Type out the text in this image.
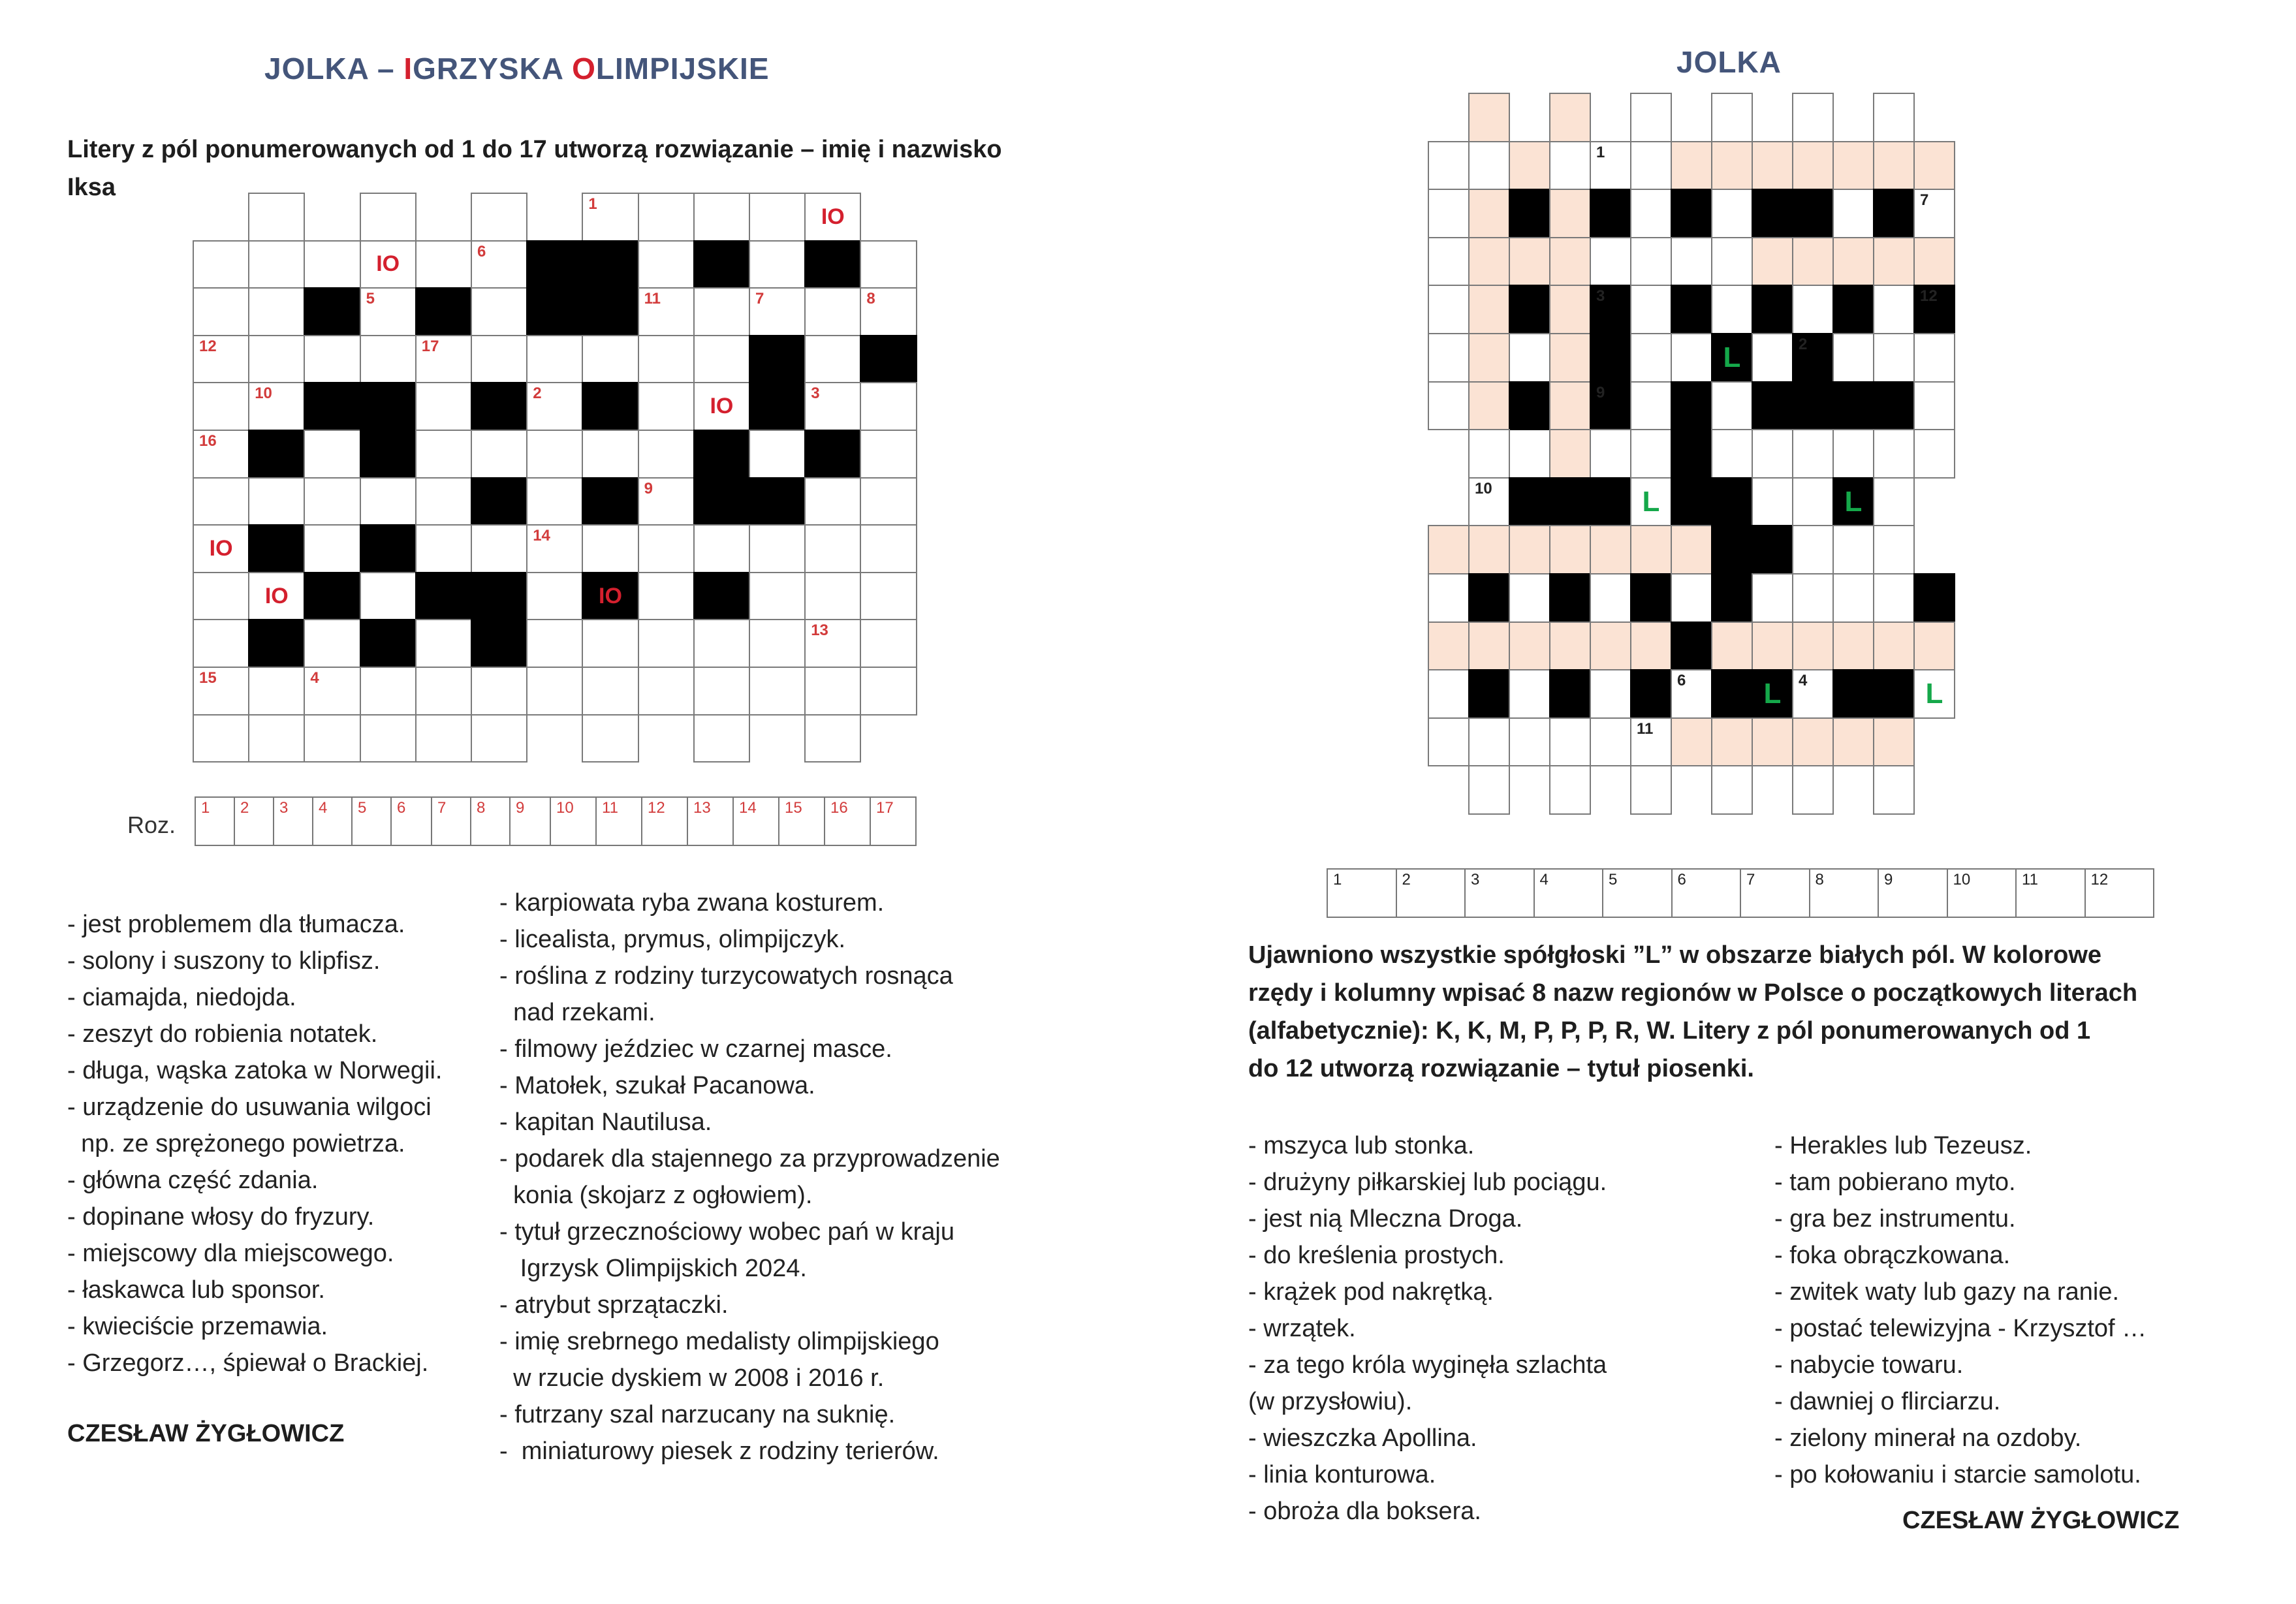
JOLKA – IGRZYSKA OLIMPIJSKIE
Litery z pól ponumerowanych od 1 do 17 utworzą rozwiązanie – imię i nazwisko
Iksa
1
IO
IO
6
5	11	7	8
12	17
10	2
IO
3
16
9
IO
14
IO	IO
13
15	4
Roz.
1 2 3 4 5 6 7 8 9 10 11 12 13 14 15 16 17
- jest problemem dla tłumacza.
- solony i suszony to klipfisz.
- ciamajda, niedojda.
- zeszyt do robienia notatek.
- długa, wąska zatoka w Norwegii.
- urządzenie do usuwania wilgoci
np. ze sprężonego powietrza.
- główna część zdania.
- dopinane włosy do fryzury.
- miejscowy dla miejscowego.
- łaskawca lub sponsor.
- kwieciście przemawia.
- Grzegorz…, śpiewał o Brackiej.
- karpiowata ryba zwana kosturem.
- licealista, prymus, olimpijczyk.
- roślina z rodziny turzycowatych rosnąca
nad rzekami.
- filmowy jeździec w czarnej masce.
- Matołek, szukał Pacanowa.
- kapitan Nautilusa.
- podarek dla stajennego za przyprowadzenie
konia (skojarz z ogłowiem).
- tytuł grzecznościowy wobec pań w kraju
Igrzysk Olimpijskich 2024.
- atrybut sprzątaczki.
- imię srebrnego medalisty olimpijskiego
w rzucie dyskiem w 2008 i 2016 r.
- futrzany szal narzucany na suknię.
-  miniaturowy piesek z rodziny terierów.
CZESŁAW ŻYGŁOWICZ
JOLKA
1
7
3	12
L	2
9
10	L	L
6	L	4	L
11
1	2	3	4	5	6	7	8	9	10	11	12
Ujawniono wszystkie spółgłoski ”L” w obszarze białych pól. W kolorowe
rzędy i kolumny wpisać 8 nazw regionów w Polsce o początkowych literach
(alfabetycznie): K, K, M, P, P, P, R, W. Litery z pól ponumerowanych od 1
do 12 utworzą rozwiązanie – tytuł piosenki.
- mszyca lub stonka.
- drużyny piłkarskiej lub pociągu.
- jest nią Mleczna Droga.
- do kreślenia prostych.
- krążek pod nakrętką.
- wrzątek.
- za tego króla wyginęła szlachta
(w przysłowiu).
- wieszczka Apollina.
- linia konturowa.
- obroża dla boksera.
- Herakles lub Tezeusz.
- tam pobierano myto.
- gra bez instrumentu.
- foka obrączkowana.
- zwitek waty lub gazy na ranie.
- postać telewizyjna - Krzysztof …
- nabycie towaru.
- dawniej o flirciarzu.
- zielony minerał na ozdoby.
- po kołowaniu i starcie samolotu.
CZESŁAW ŻYGŁOWICZ
